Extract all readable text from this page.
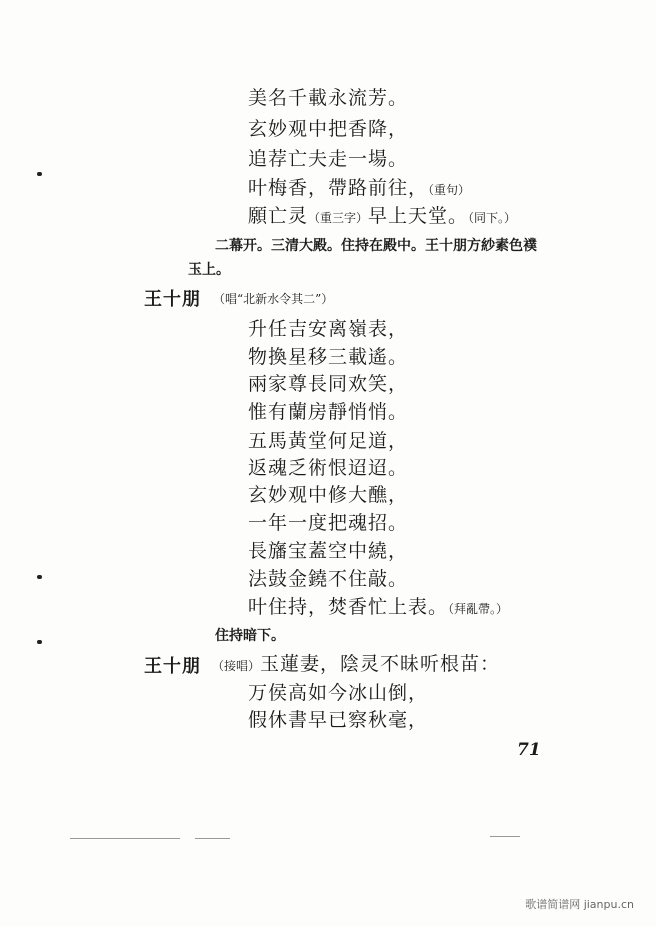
美名千載永流芳。
玄妙观中把香降，
追荐亡夫走一場。
叶梅香，帶路前往，（重句）
願亡灵（重三字）早上天堂。（同下。）
二幕开。三清大殿。住持在殿中。王十朋方紗素色襆
玉上。
王十朋 （唱“北新水令其二”）
升任吉安离嶺表，
物換星移三載遙。
兩家尊長同欢笑，
惟有蘭房靜悄悄。
五馬黃堂何足道，
返魂乏術恨迢迢。
玄妙观中修大醮，
一年一度把魂招。
長旛宝蓋空中繞，
法鼓金鐃不住敲。
叶住持，焚香忙上表。（拜亂帶。）
住持暗下。
王十朋 （接唱）玉蓮妻，陰灵不昧听根苗：
万侯高如今冰山倒，
假休書早已察秋毫，
71
歌谱简谱网 jianpu.cn
